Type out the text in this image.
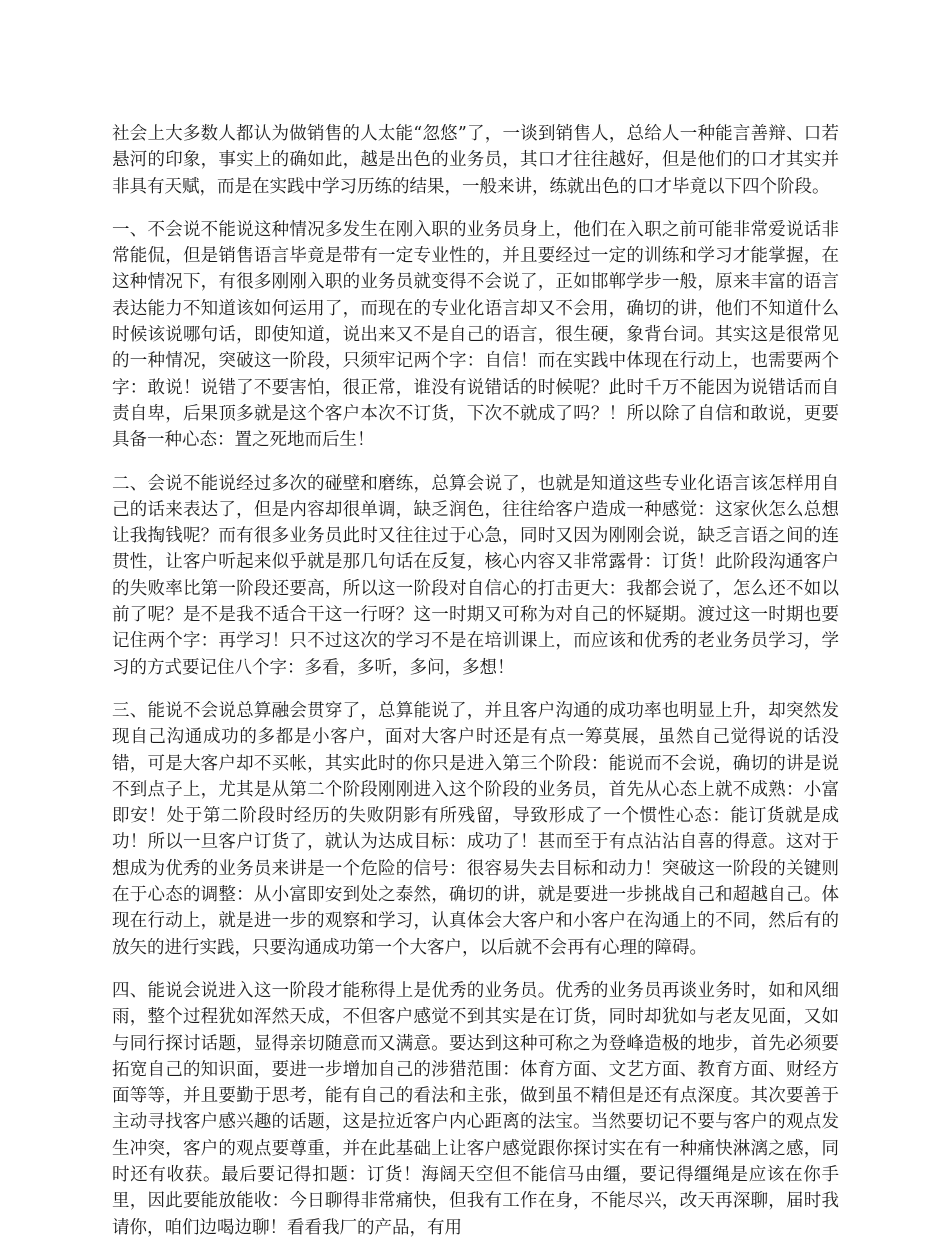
社会上大多数人都认为做销售的人太能“忽悠”了，一谈到销售人，总给人一种能言善辩、口若悬河的印象，事实上的确如此，越是出色的业务员，其口才往往越好，但是他们的口才其实并非具有天赋，而是在实践中学习历练的结果，一般来讲，练就出色的口才毕竟以下四个阶段。

一、不会说不能说这种情况多发生在刚入职的业务员身上，他们在入职之前可能非常爱说话非常能侃，但是销售语言毕竟是带有一定专业性的，并且要经过一定的训练和学习才能掌握，在这种情况下，有很多刚刚入职的业务员就变得不会说了，正如邯郸学步一般，原来丰富的语言表达能力不知道该如何运用了，而现在的专业化语言却又不会用，确切的讲，他们不知道什么时候该说哪句话，即使知道，说出来又不是自己的语言，很生硬，象背台词。其实这是很常见的一种情况，突破这一阶段，只须牢记两个字：自信！而在实践中体现在行动上，也需要两个字：敢说！说错了不要害怕，很正常，谁没有说错话的时候呢？此时千万不能因为说错话而自责自卑，后果顶多就是这个客户本次不订货，下次不就成了吗？！所以除了自信和敢说，更要具备一种心态：置之死地而后生！

二、会说不能说经过多次的碰壁和磨练，总算会说了，也就是知道这些专业化语言该怎样用自己的话来表达了，但是内容却很单调，缺乏润色，往往给客户造成一种感觉：这家伙怎么总想让我掏钱呢？而有很多业务员此时又往往过于心急，同时又因为刚刚会说，缺乏言语之间的连贯性，让客户听起来似乎就是那几句话在反复，核心内容又非常露骨：订货！此阶段沟通客户的失败率比第一阶段还要高，所以这一阶段对自信心的打击更大：我都会说了，怎么还不如以前了呢？是不是我不适合干这一行呀？这一时期又可称为对自己的怀疑期。渡过这一时期也要记住两个字：再学习！只不过这次的学习不是在培训课上，而应该和优秀的老业务员学习，学习的方式要记住八个字：多看，多听，多问，多想！

三、能说不会说总算融会贯穿了，总算能说了，并且客户沟通的成功率也明显上升，却突然发现自己沟通成功的多都是小客户，面对大客户时还是有点一筹莫展，虽然自己觉得说的话没错，可是大客户却不买帐，其实此时的你只是进入第三个阶段：能说而不会说，确切的讲是说不到点子上，尤其是从第二个阶段刚刚进入这个阶段的业务员，首先从心态上就不成熟：小富即安！处于第二阶段时经历的失败阴影有所残留，导致形成了一个惯性心态：能订货就是成功！所以一旦客户订货了，就认为达成目标：成功了！甚而至于有点沾沾自喜的得意。这对于想成为优秀的业务员来讲是一个危险的信号：很容易失去目标和动力！突破这一阶段的关键则在于心态的调整：从小富即安到处之泰然，确切的讲，就是要进一步挑战自己和超越自己。体现在行动上，就是进一步的观察和学习，认真体会大客户和小客户在沟通上的不同，然后有的放矢的进行实践，只要沟通成功第一个大客户，以后就不会再有心理的障碍。

四、能说会说进入这一阶段才能称得上是优秀的业务员。优秀的业务员再谈业务时，如和风细雨，整个过程犹如浑然天成，不但客户感觉不到其实是在订货，同时却犹如与老友见面，又如与同行探讨话题，显得亲切随意而又满意。要达到这种可称之为登峰造极的地步，首先必须要拓宽自己的知识面，要进一步增加自己的涉猎范围：体育方面、文艺方面、教育方面、财经方面等等，并且要勤于思考，能有自己的看法和主张，做到虽不精但是还有点深度。其次要善于主动寻找客户感兴趣的话题，这是拉近客户内心距离的法宝。当然要切记不要与客户的观点发生冲突，客户的观点要尊重，并在此基础上让客户感觉跟你探讨实在有一种痛快淋漓之感，同时还有收获。最后要记得扣题：订货！海阔天空但不能信马由缰，要记得缰绳是应该在你手里，因此要能放能收：今日聊得非常痛快，但我有工作在身，不能尽兴，改天再深聊，届时我请你，咱们边喝边聊！看看我厂的产品，有用
